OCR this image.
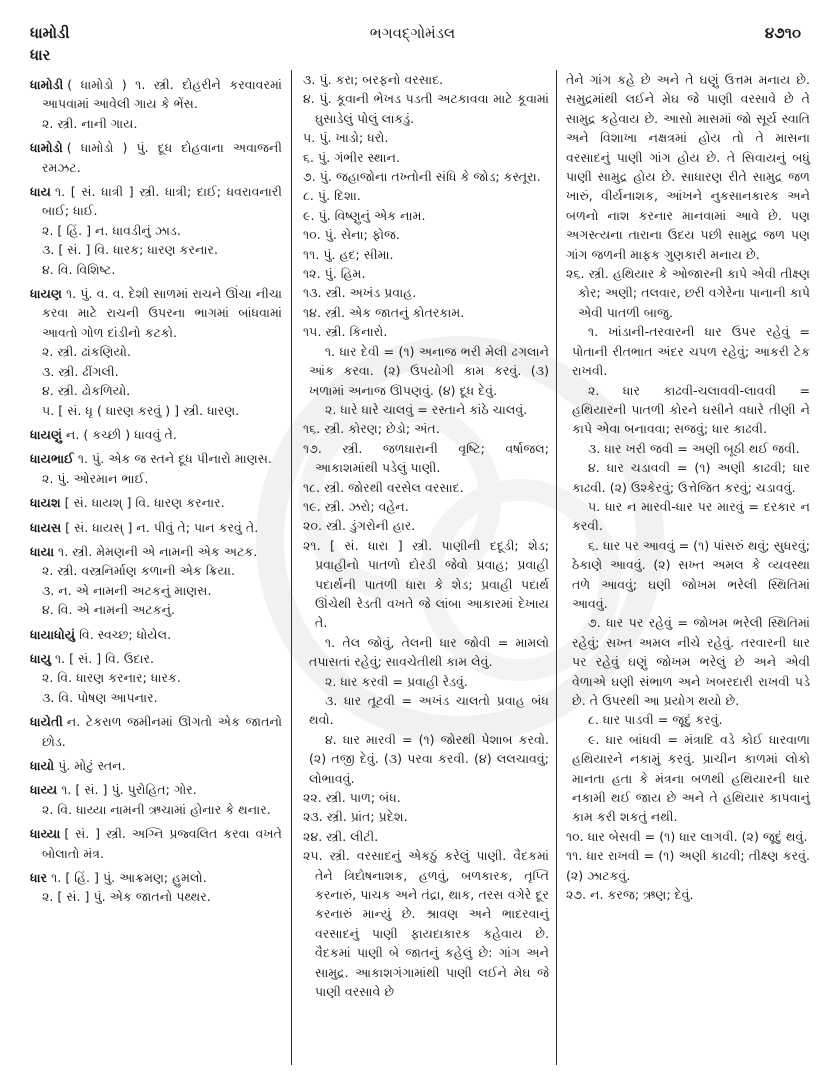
ધામોડી	ભગવદ્ગોમંડલ	૪૭૧૦
ધાર

ધામોડી ( ધામોડો ) ૧. સ્ત્રી. દોહરીને કરવાવરમાં આપવામાં આવેલી ગાય કે ભેંસ.

૨. સ્ત્રી. નાની ગાય.

ધામોડો ( ધામોડો ) પું. દૂધ દોહવાના અવાજની રમઝટ.

ધાય ૧. [ સં. ધાત્રી ] સ્ત્રી. ધાત્રી; દાઈ; ધવરાવનારી બાઈ; ધાઈ.

૨. [ હિં. ] ન. ધાવડીનું ઝાડ.

૩. [ સં. ] વિ. ધારક; ધારણ કરનાર.

૪. વિ. વિશિષ્ટ.

ધાયણ ૧. પું. વ. વ. દેશી સાળમાં રાચને ઊંચા નીચા કરવા માટે રાચની ઉપરના ભાગમાં બાંધવામાં આવતો ગોળ દાંડીનો કટકો.

૨. સ્ત્રી. ઢાંકણિયો.

૩. સ્ત્રી. ઢીંગલી.

૪. સ્ત્રી. ઢોકળિયો.

૫. [ સં. ધૃ ( ધારણ કરવું ) ] સ્ત્રી. ધારણ.

ધાયણું ન. ( કચ્છી ) ધાવવું તે.

ધાયભાઈ ૧. પું. એક જ સ્તને દૂધ પીનારો માણસ.

૨. પું. ઓરમાન ભાઈ.

ધાયશ [ સં. ધાયશ્ ] વિ. ધારણ કરનાર.

ધાયસ [ સં. ધાયસ્ ] ન. પીવું તે; પાન કરવું તે.

ધાયા ૧. સ્ત્રી. મેમણની એ નામની એક અટક.

૨. સ્ત્રી. વસ્ત્રનિર્માણ કળાની એક ક્રિયા.

૩. ન. એ નામની અટકનું માણસ.

૪. વિ. એ નામની અટકનું.

ધાયાધોયું વિ. સ્વચ્છ; ધોયેલ.

ધાયુ ૧. [ સં. ] વિ. ઉદાર.

૨. વિ. ધારણ કરનાર; ધારક.

૩. વિ. પોષણ આપનાર.

ધાયેતી ન. ટેકરાળ જમીનમાં ઊગતો એક જાતનો છોડ.

ધાયો પું. મોટું સ્તન.

ધાય્ય ૧. [ સં. ] પું. પુરોહિત; ગોર.

૨. વિ. ધાય્યા નામની ઋચામાં હોનાર કે થનાર.

ધાય્યા [ સં. ] સ્ત્રી. અગ્નિ પ્રજ્વલિત કરવા વખતે બોલાતો મંત્ર.

ધાર ૧. [ હિં. ] પું. આક્રમણ; હુમલો.

૨. [ સં. ] પું. એક જાતનો પથ્થર.

૩. પું. કરા; બરફનો વરસાદ.

૪. પું. કૂવાની ભેખડ પડતી અટકાવવા માટે કૂવામાં ઘુસાડેલું પોલું લાકડું.

૫. પું. ખાડો; ધરો.

૬. પું. ગંભીર સ્થાન.

૭. પું. જહાજોના તખ્તોની સંધિ કે જોડ; કસ્તૂરા.

૮. પું. દિશા.

૯. પું. વિષ્ણુનું એક નામ.

૧૦. પું. સેના; ફોજ.

૧૧. પું. હદ; સીમા.

૧૨. પું. હિમ.

૧૩. સ્ત્રી. અખંડ પ્રવાહ.

૧૪. સ્ત્રી. એક જાતનું કોતરકામ.

૧૫. સ્ત્રી. કિનારો.

૧. ધાર દેવી = (૧) અનાજ ભરી મેલી ઢગલાને આંક કરવા. (૨) ઉપયોગી કામ કરવું. (૩) ખળામાં અનાજ ઊપણવું. (૪) દૂધ દેવું.

૨. ધારે ધારે ચાલવું = રસ્તાને કાંઠે ચાલવું.

૧૬. સ્ત્રી. કોરણ; છેડો; અંત.

૧૭. સ્ત્રી. જળધારાની વૃષ્ટિ; વર્ષાજલ; આકાશમાંથી પડેલું પાણી.

૧૮. સ્ત્રી. જોરથી વરસેલ વરસાદ.

૧૯. સ્ત્રી. ઝરો; વહેન.

૨૦. સ્ત્રી. ડુંગરોની હાર.

૨૧. [ સં. ધારા ] સ્ત્રી. પાણીની દદૂડી; શેડ; પ્રવાહીનો પાતળો દોરડી જેવો પ્રવાહ; પ્રવાહી પદાર્થની પાતળી ધારા કે શેડ; પ્રવાહી પદાર્થ ઊંચેથી રેડતી વખતે જે લાંબા આકારમાં દેખાય તે.

૧. તેલ જોવું, તેલની ધાર જોવી = મામલો તપાસતાં રહેવું; સાવચેતીથી કામ લેવું.

૨. ધાર કરવી = પ્રવાહી રેડવું.

૩. ધાર તૂટવી = અખંડ ચાલતો પ્રવાહ બંધ થવો.

૪. ધાર મારવી = (૧) જોરથી પેશાબ કરવો. (૨) તજી દેવું. (૩) પરવા કરવી. (૪) લલચાવવું; લોભાવવું.

૨૨. સ્ત્રી. પાળ; બંધ.

૨૩. સ્ત્રી. પ્રાંત; પ્રદેશ.

૨૪. સ્ત્રી. લીટી.

૨૫. સ્ત્રી. વરસાદનું એકઠું કરેલું પાણી. વૈદકમાં તેને ત્રિદોષનાશક, હળવું, બળકારક, તૃપ્તિ કરનારું, પાચક અને તંદ્રા, થાક, તરસ વગેરે દૂર કરનારું માન્યું છે. શ્રાવણ અને ભાદરવાનું વરસાદનું પાણી ફાયદાકારક કહેવાય છે. વૈદકમાં પાણી બે જાતનું કહેલું છે: ગાંગ અને સામુદ્ર. આકાશગંગામાંથી પાણી લઈને મેઘ જે પાણી વરસાવે છે

તેને ગાંગ કહે છે અને તે ઘણું ઉત્તમ મનાય છે. સમુદ્રમાંથી લઈને મેઘ જે પાણી વરસાવે છે તે સામુદ્ર કહેવાય છે. આસો માસમાં જો સૂર્ય સ્વાતિ અને વિશાખા નક્ષત્રમાં હોય તો તે માસના વરસાદનું પાણી ગાંગ હોય છે. તે સિવાયનું બધું પાણી સામુદ્ર હોય છે. સાધારણ રીતે સામુદ્ર જળ ખારું, વીર્યનાશક, આંખને નુકસાનકારક અને બળનો નાશ કરનાર માનવામાં આવે છે. પણ અગસ્ત્યના તારાના ઉદય પછી સામુદ્ર જળ પણ ગાંગ જળની માફક ગુણકારી મનાય છે.

૨૬. સ્ત્રી. હથિયાર કે ઓજારની કાપે એવી તીક્ષ્ણ કોર; અણી; તલવાર, છરી વગેરેના પાનાની કાપે એવી પાતળી બાજુ.

૧. ખાંડાની-તરવારની ધાર ઉપર રહેવું = પોતાની રીતભાત અંદર ચપળ રહેવું; આકરી ટેક રાખવી.

૨. ધાર કાઢવી-ચલાવવી-લાવવી = હથિયારની પાતળી કોરને ઘસીને વધારે તીણી ને કાપે એવા બનાવવા; સજવું; ધાર કાઢવી.

૩. ધાર ખરી જવી = અણી બૂઠી થઈ જવી.

૪. ધાર ચડાવવી = (૧) અણી કાઢવી; ધાર કાઢવી. (૨) ઉશ્કેરવું; ઉત્તેજિત કરવું; ચડાવવું.

૫. ધાર ન મારવી-ધાર પર મારવું = દરકાર ન કરવી.

૬. ધાર પર આવવું = (૧) પાંસરું થવું; સુધરવું; ઠેકાણે આવવું. (૨) સખ્ત અમલ કે વ્યવસ્થા તળે આવવું; ઘણી જોખમ ભરેલી સ્થિતિમાં આવવું.

૭. ધાર પર રહેવું = જોખમ ભરેલી સ્થિતિમાં રહેવું; સખ્ત અમલ નીચે રહેવું. તરવારની ધાર પર રહેવું ઘણું જોખમ ભરેલું છે અને એવી વેળાએ ઘણી સંભાળ અને ખબરદારી રાખવી પડે છે. તે ઉપરથી આ પ્રયોગ થયો છે.

૮. ધાર પાડવી = જૂદું કરવું.

૯. ધાર બાંધવી = મંત્રાદિ વડે કોઈ ધારવાળા હથિયારને નકામું કરવું. પ્રાચીન કાળમાં લોકો માનતા હતા કે મંત્રના બળથી હથિયારની ધાર નકામી થઈ જાય છે અને તે હથિયાર કાપવાનું કામ કરી શકતું નથી.

૧૦. ધાર બેસવી = (૧) ધાર લાગવી. (૨) જૂદું થવું.

૧૧. ધાર રાખવી = (૧) અણી કાઢવી; તીક્ષ્ણ કરવું. (૨) ઝાટકવું.

૨૭. ન. કરજ; ઋણ; દેવું.
